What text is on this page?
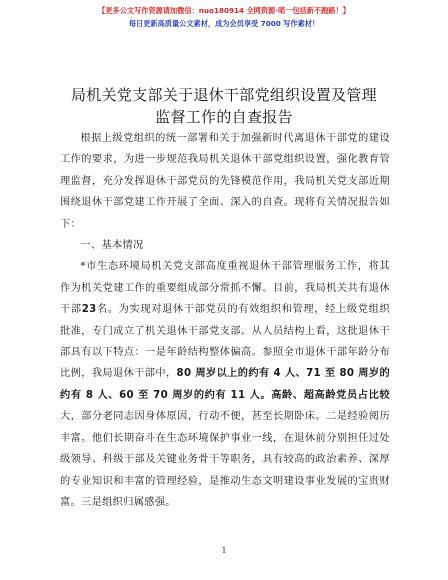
【更多公文写作资源请加微信：nuo180914 全网资源·喏一包括新不跑路！】
每日更新高质量公文素材，成为会员享受 7000 写作素材！
局机关党支部关于退休干部党组织设置及管理
监督工作的自查报告

根据上级党组织的统一部署和关于加强新时代离退休干部党的建设工作的要求，为进一步规范我局机关退休干部党组织设置，强化教育管理监督，充分发挥退休干部党员的先锋模范作用，我局机关党支部近期围绕退休干部党建工作开展了全面、深入的自查。现将有关情况报告如下：

一、基本情况

*市生态环境局机关党支部高度重视退休干部管理服务工作，将其作为机关党建工作的重要组成部分常抓不懈。目前，我局机关共有退休干部23名。为实现对退休干部党员的有效组织和管理，经上级党组织批准，专门成立了机关退休干部党支部。从人员结构上看，这批退休干部具有以下特点：一是年龄结构整体偏高。参照全市退休干部年龄分布比例，我局退休干部中，80 周岁以上的约有 4 人、71 至 80 周岁的约有 8 人、60 至 70 周岁的约有 11 人。高龄、超高龄党员占比较大，部分老同志因身体原因，行动不便，甚至长期卧床。二是经验阅历丰富。他们长期奋斗在生态环境保护事业一线，在退休前分别担任过处级领导、科级干部及关键业务骨干等职务，具有较高的政治素养、深厚的专业知识和丰富的管理经验，是推动生态文明建设事业发展的宝贵财富。三是组织归属感强。

1
